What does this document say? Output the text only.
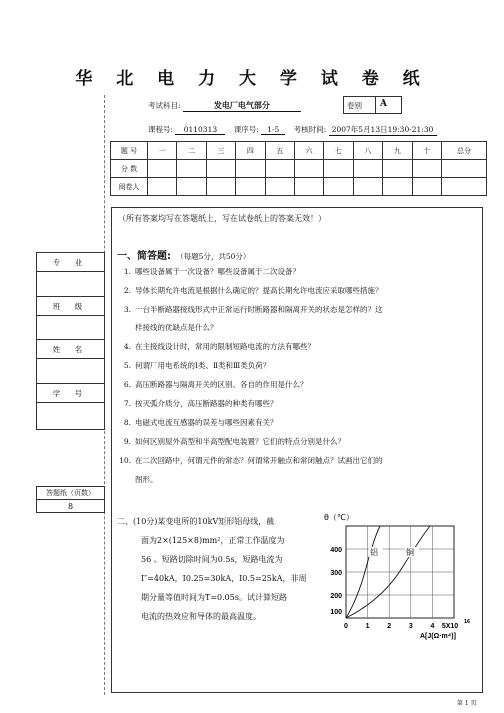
华 北 电 力 大 学 试 卷 纸
考试科目:	发电厂电气部分	卷别 A
课程号: 0110313 课序号: 1-5 考核时间: 2007年5月13日19:30-21:30
题 号	一	二	三	四	五	六	七	八	九	十	总分
分 数											
阅卷人											
专 业

班 级

姓 名

学 号

答题纸（页数）
8
（所有答案均写在答题纸上，写在试卷纸上的答案无效！）
一、简答题: （每题5分，共50分）
1. 哪些设备属于一次设备？哪些设备属于二次设备？
2. 导体长期允许电流是根据什么确定的？提高长期允许电流应采取哪些措施？
3. 一台半断路器接线形式中正常运行时断路器和隔离开关的状态是怎样的？这
样接线的优缺点是什么？
4. 在主接线设计时，常用的限制短路电流的方法有哪些？
5. 何谓厂用电系统的Ⅰ类、Ⅱ类和Ⅲ类负荷？
6. 高压断路器与隔离开关的区别、各自的作用是什么？
7. 按灭弧介质分，高压断路器的种类有哪些？
8. 电磁式电流互感器的误差与哪些因素有关？
9. 如何区别屋外高型和半高型配电装置？它们的特点分别是什么？
10. 在二次回路中，何谓元件的常态？何谓常开触点和常闭触点？试画出它们的
图形。
二、(10分)某变电所的10kV矩形铝母线，截
面为2×(125×8)mm²，正常工作温度为
56 。短路切除时间为0.5s，短路电流为
I″=40kA，I0.25=30kA，I0.5=25kA，非周
期分量等值时间为T=0.05s。试计算短路
电流的热效应和导体的最高温度。
铝	铜
θ（℃）
400
300
200
100
0	1	2	3	4 5X10
16
A[J(Ω·m⁴)]
第 1 页
